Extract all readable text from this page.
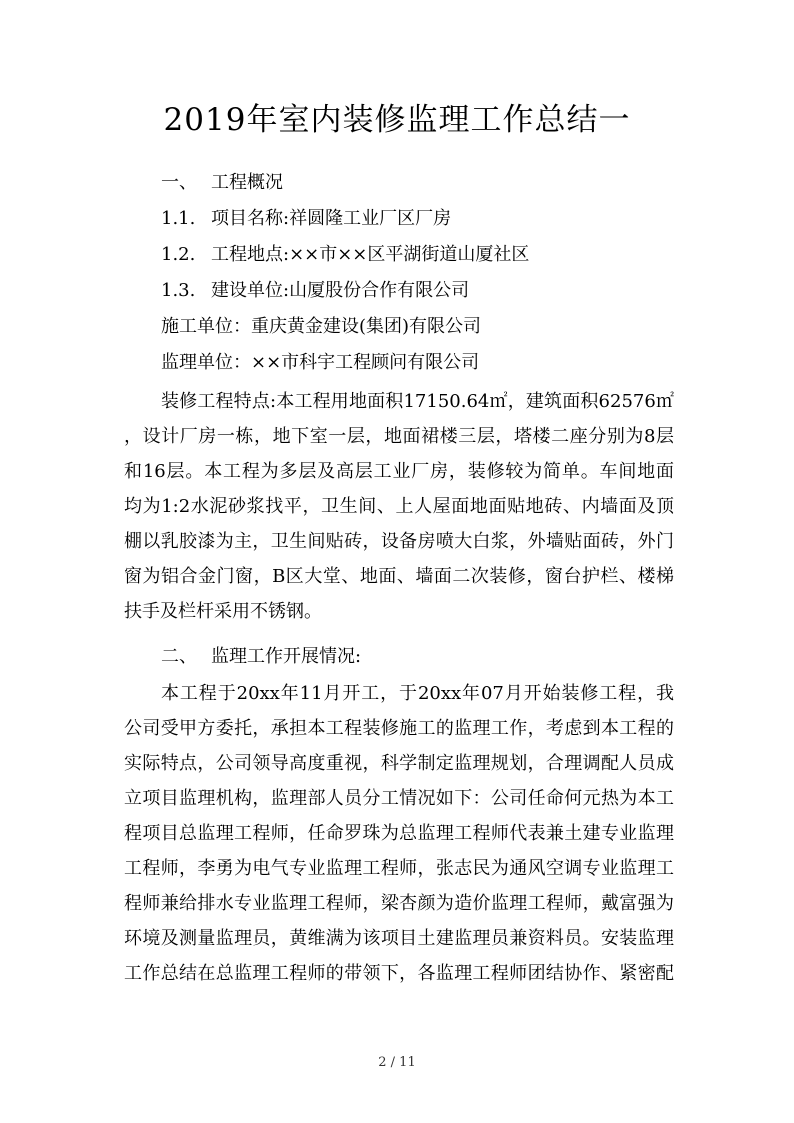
2019年室内装修监理工作总结一
一、 工程概况
1.1. 项目名称:祥圆隆工业厂区厂房
1.2. 工程地点:××市××区平湖街道山厦社区
1.3. 建设单位:山厦股份合作有限公司
施工单位：重庆黄金建设(集团)有限公司
监理单位：××市科宇工程顾问有限公司
装修工程特点:本工程用地面积17150.64㎡，建筑面积62576㎡
，设计厂房一栋，地下室一层，地面裙楼三层，塔楼二座分别为8层
和16层。本工程为多层及高层工业厂房，装修较为简单。车间地面
均为1:2水泥砂浆找平，卫生间、上人屋面地面贴地砖、内墙面及顶
棚以乳胶漆为主，卫生间贴砖，设备房喷大白浆，外墙贴面砖，外门
窗为铝合金门窗，B区大堂、地面、墙面二次装修，窗台护栏、楼梯
扶手及栏杆采用不锈钢。
二、 监理工作开展情况:
本工程于20xx年11月开工，于20xx年07月开始装修工程，我
公司受甲方委托，承担本工程装修施工的监理工作，考虑到本工程的
实际特点，公司领导高度重视，科学制定监理规划，合理调配人员成
立项目监理机构，监理部人员分工情况如下：公司任命何元热为本工
程项目总监理工程师，任命罗珠为总监理工程师代表兼土建专业监理
工程师，李勇为电气专业监理工程师，张志民为通风空调专业监理工
程师兼给排水专业监理工程师，梁杏颜为造价监理工程师，戴富强为
环境及测量监理员，黄维满为该项目土建监理员兼资料员。安装监理
工作总结在总监理工程师的带领下，各监理工程师团结协作、紧密配
2 / 11
